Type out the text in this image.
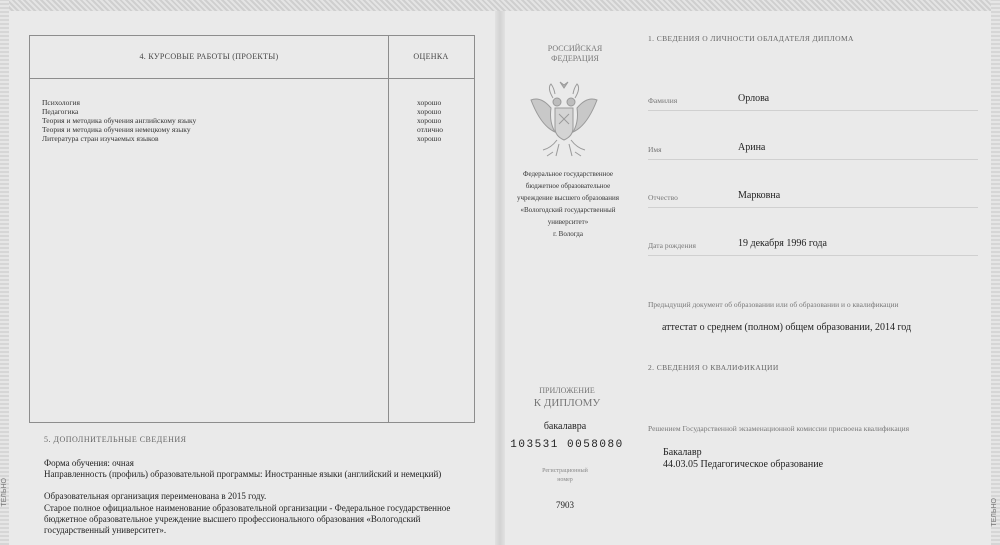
ТЕЛЬНО
ТЕЛЬНО
4. КУРСОВЫЕ РАБОТЫ (ПРОЕКТЫ)	ОЦЕНКА
Психология	хорошо
Педагогика	хорошо
Теория и методика обучения английскому языку	хорошо
Теория и методика обучения немецкому языку	отлично
Литература стран изучаемых языков	хорошо
5. ДОПОЛНИТЕЛЬНЫЕ СВЕДЕНИЯ
Форма обучения: очная
Направленность (профиль) образовательной программы: Иностранные языки (английский и немецкий)
Образовательная организация переименована в 2015 году.
Старое полное официальное наименование образовательной организации - Федеральное государственное
бюджетное образовательное учреждение высшего профессионального образования «Вологодский
государственный университет».
РОССИЙСКАЯ
ФЕДЕРАЦИЯ
Федеральное государственное
бюджетное образовательное
учреждение высшего образования
«Вологодский государственный
университет»
г. Вологда
ПРИЛОЖЕНИЕ
К ДИПЛОМУ
бакалавра
103531 0058080
Регистрационный
номер
7903
1. СВЕДЕНИЯ О ЛИЧНОСТИ ОБЛАДАТЕЛЯ ДИПЛОМА
Фамилия	Орлова
Имя	Арина
Отчество	Марковна
Дата рождения	19 декабря 1996 года
Предыдущий документ об образовании или об образовании и о квалификации
аттестат о среднем (полном) общем образовании, 2014 год
2. СВЕДЕНИЯ О КВАЛИФИКАЦИИ
Решением Государственной экзаменационной комиссии присвоена квалификация
Бакалавр
44.03.05 Педагогическое образование
